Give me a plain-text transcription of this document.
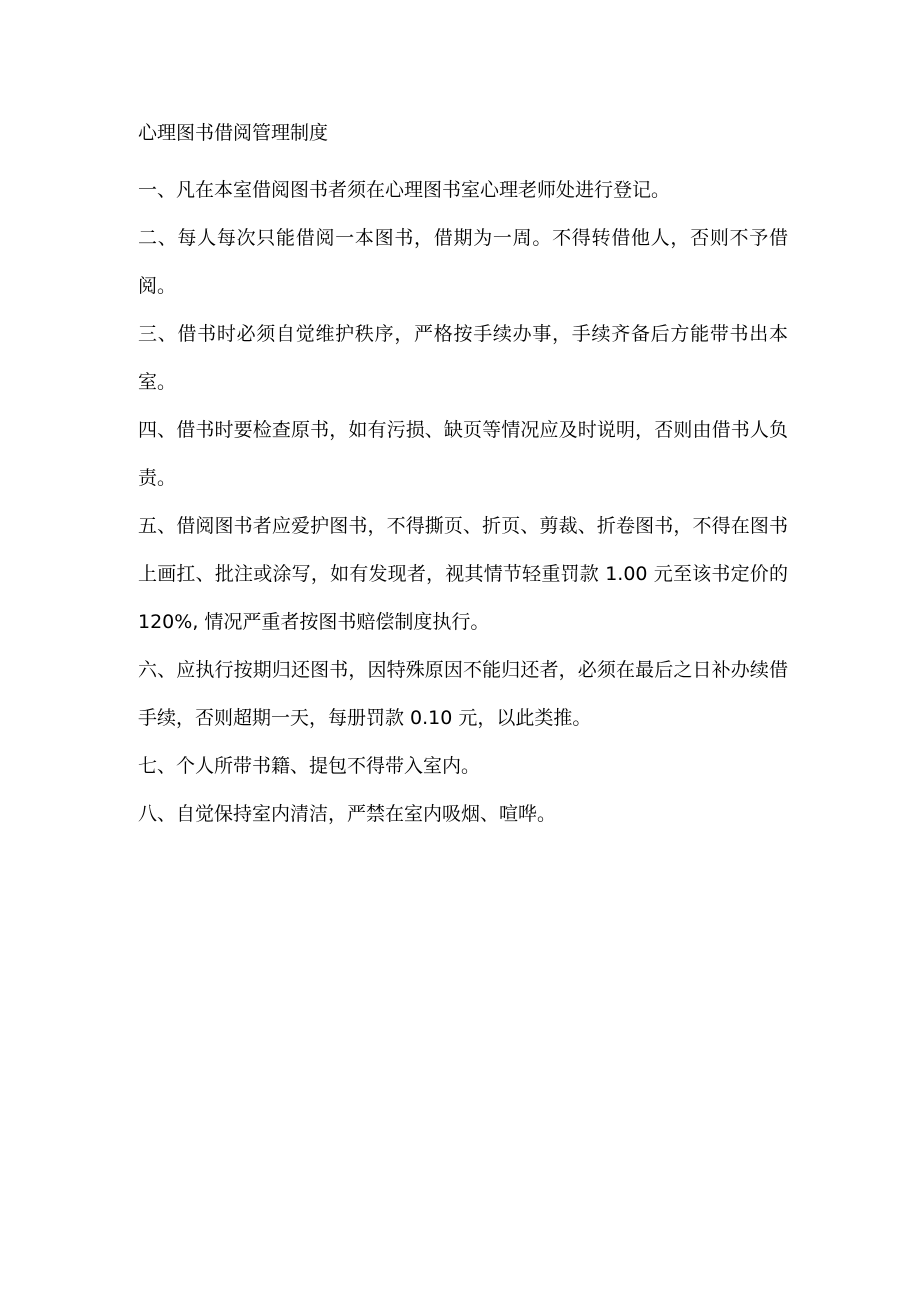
心理图书借阅管理制度

一、凡在本室借阅图书者须在心理图书室心理老师处进行登记。

二、每人每次只能借阅一本图书，借期为一周。不得转借他人，否则不予借阅。

三、借书时必须自觉维护秩序，严格按手续办事，手续齐备后方能带书出本室。

四、借书时要检查原书，如有污损、缺页等情况应及时说明，否则由借书人负责。

五、借阅图书者应爱护图书，不得撕页、折页、剪裁、折卷图书，不得在图书上画扛、批注或涂写，如有发现者，视其情节轻重罚款 1.00 元至该书定价的 120%, 情况严重者按图书赔偿制度执行。

六、应执行按期归还图书，因特殊原因不能归还者，必须在最后之日补办续借手续，否则超期一天，每册罚款 0.10 元，以此类推。

七、个人所带书籍、提包不得带入室内。

八、自觉保持室内清洁，严禁在室内吸烟、喧哗。
